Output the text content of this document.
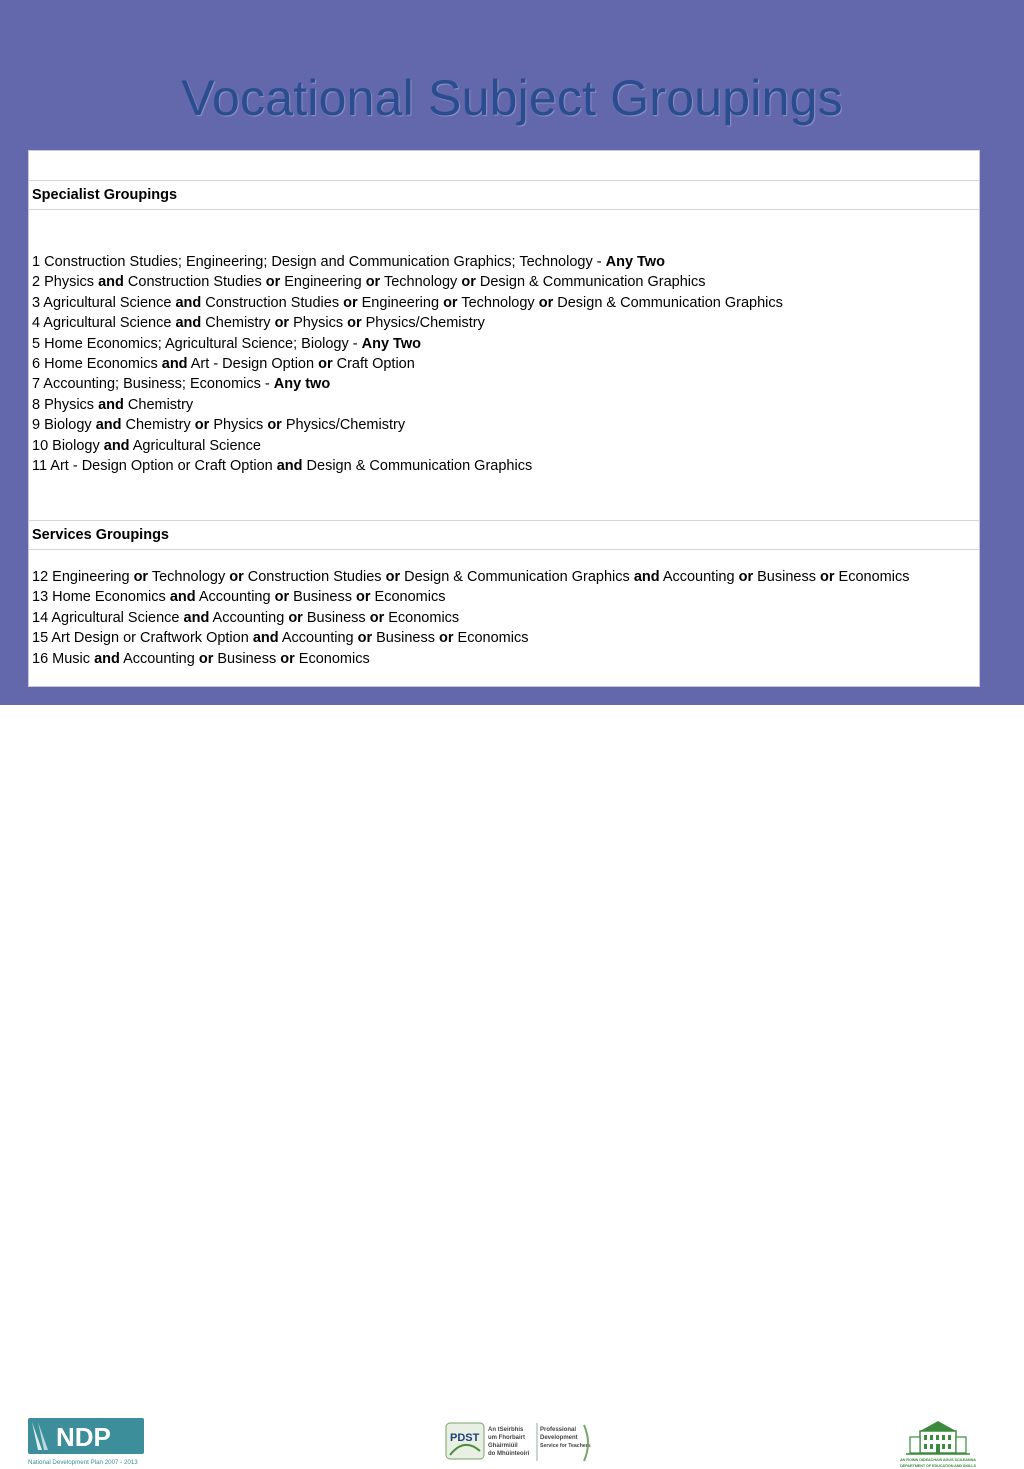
Vocational Subject Groupings
Specialist Groupings
1 Construction Studies; Engineering; Design and Communication Graphics; Technology - Any Two
2 Physics and Construction Studies or Engineering or Technology or Design & Communication Graphics
3 Agricultural Science and Construction Studies or Engineering or Technology or Design & Communication Graphics
4 Agricultural Science and Chemistry or Physics or Physics/Chemistry
5 Home Economics; Agricultural Science; Biology - Any Two
6 Home Economics and Art - Design Option or Craft Option
7 Accounting; Business; Economics - Any two
8 Physics and Chemistry
9 Biology and Chemistry or Physics or Physics/Chemistry
10 Biology and Agricultural Science
11 Art - Design Option or Craft Option and Design & Communication Graphics
Services Groupings
12 Engineering or Technology or Construction Studies or Design & Communication Graphics and Accounting or Business or Economics
13 Home Economics and Accounting or Business or Economics
14 Agricultural Science and Accounting or Business or Economics
15 Art Design or Craftwork Option and Accounting or Business or Economics
16 Music and Accounting or Business or Economics
NDP
National Development Plan 2007 - 2013
PDST
An tSeirbhís
um Fhorbairt
Ghairmiúil
do Mhúinteoirí
Professional
Development
Service for Teachers
AN ROINN OIDEACHAIS AGUS SCILEANNA
DEPARTMENT OF EDUCATION AND SKILLS
